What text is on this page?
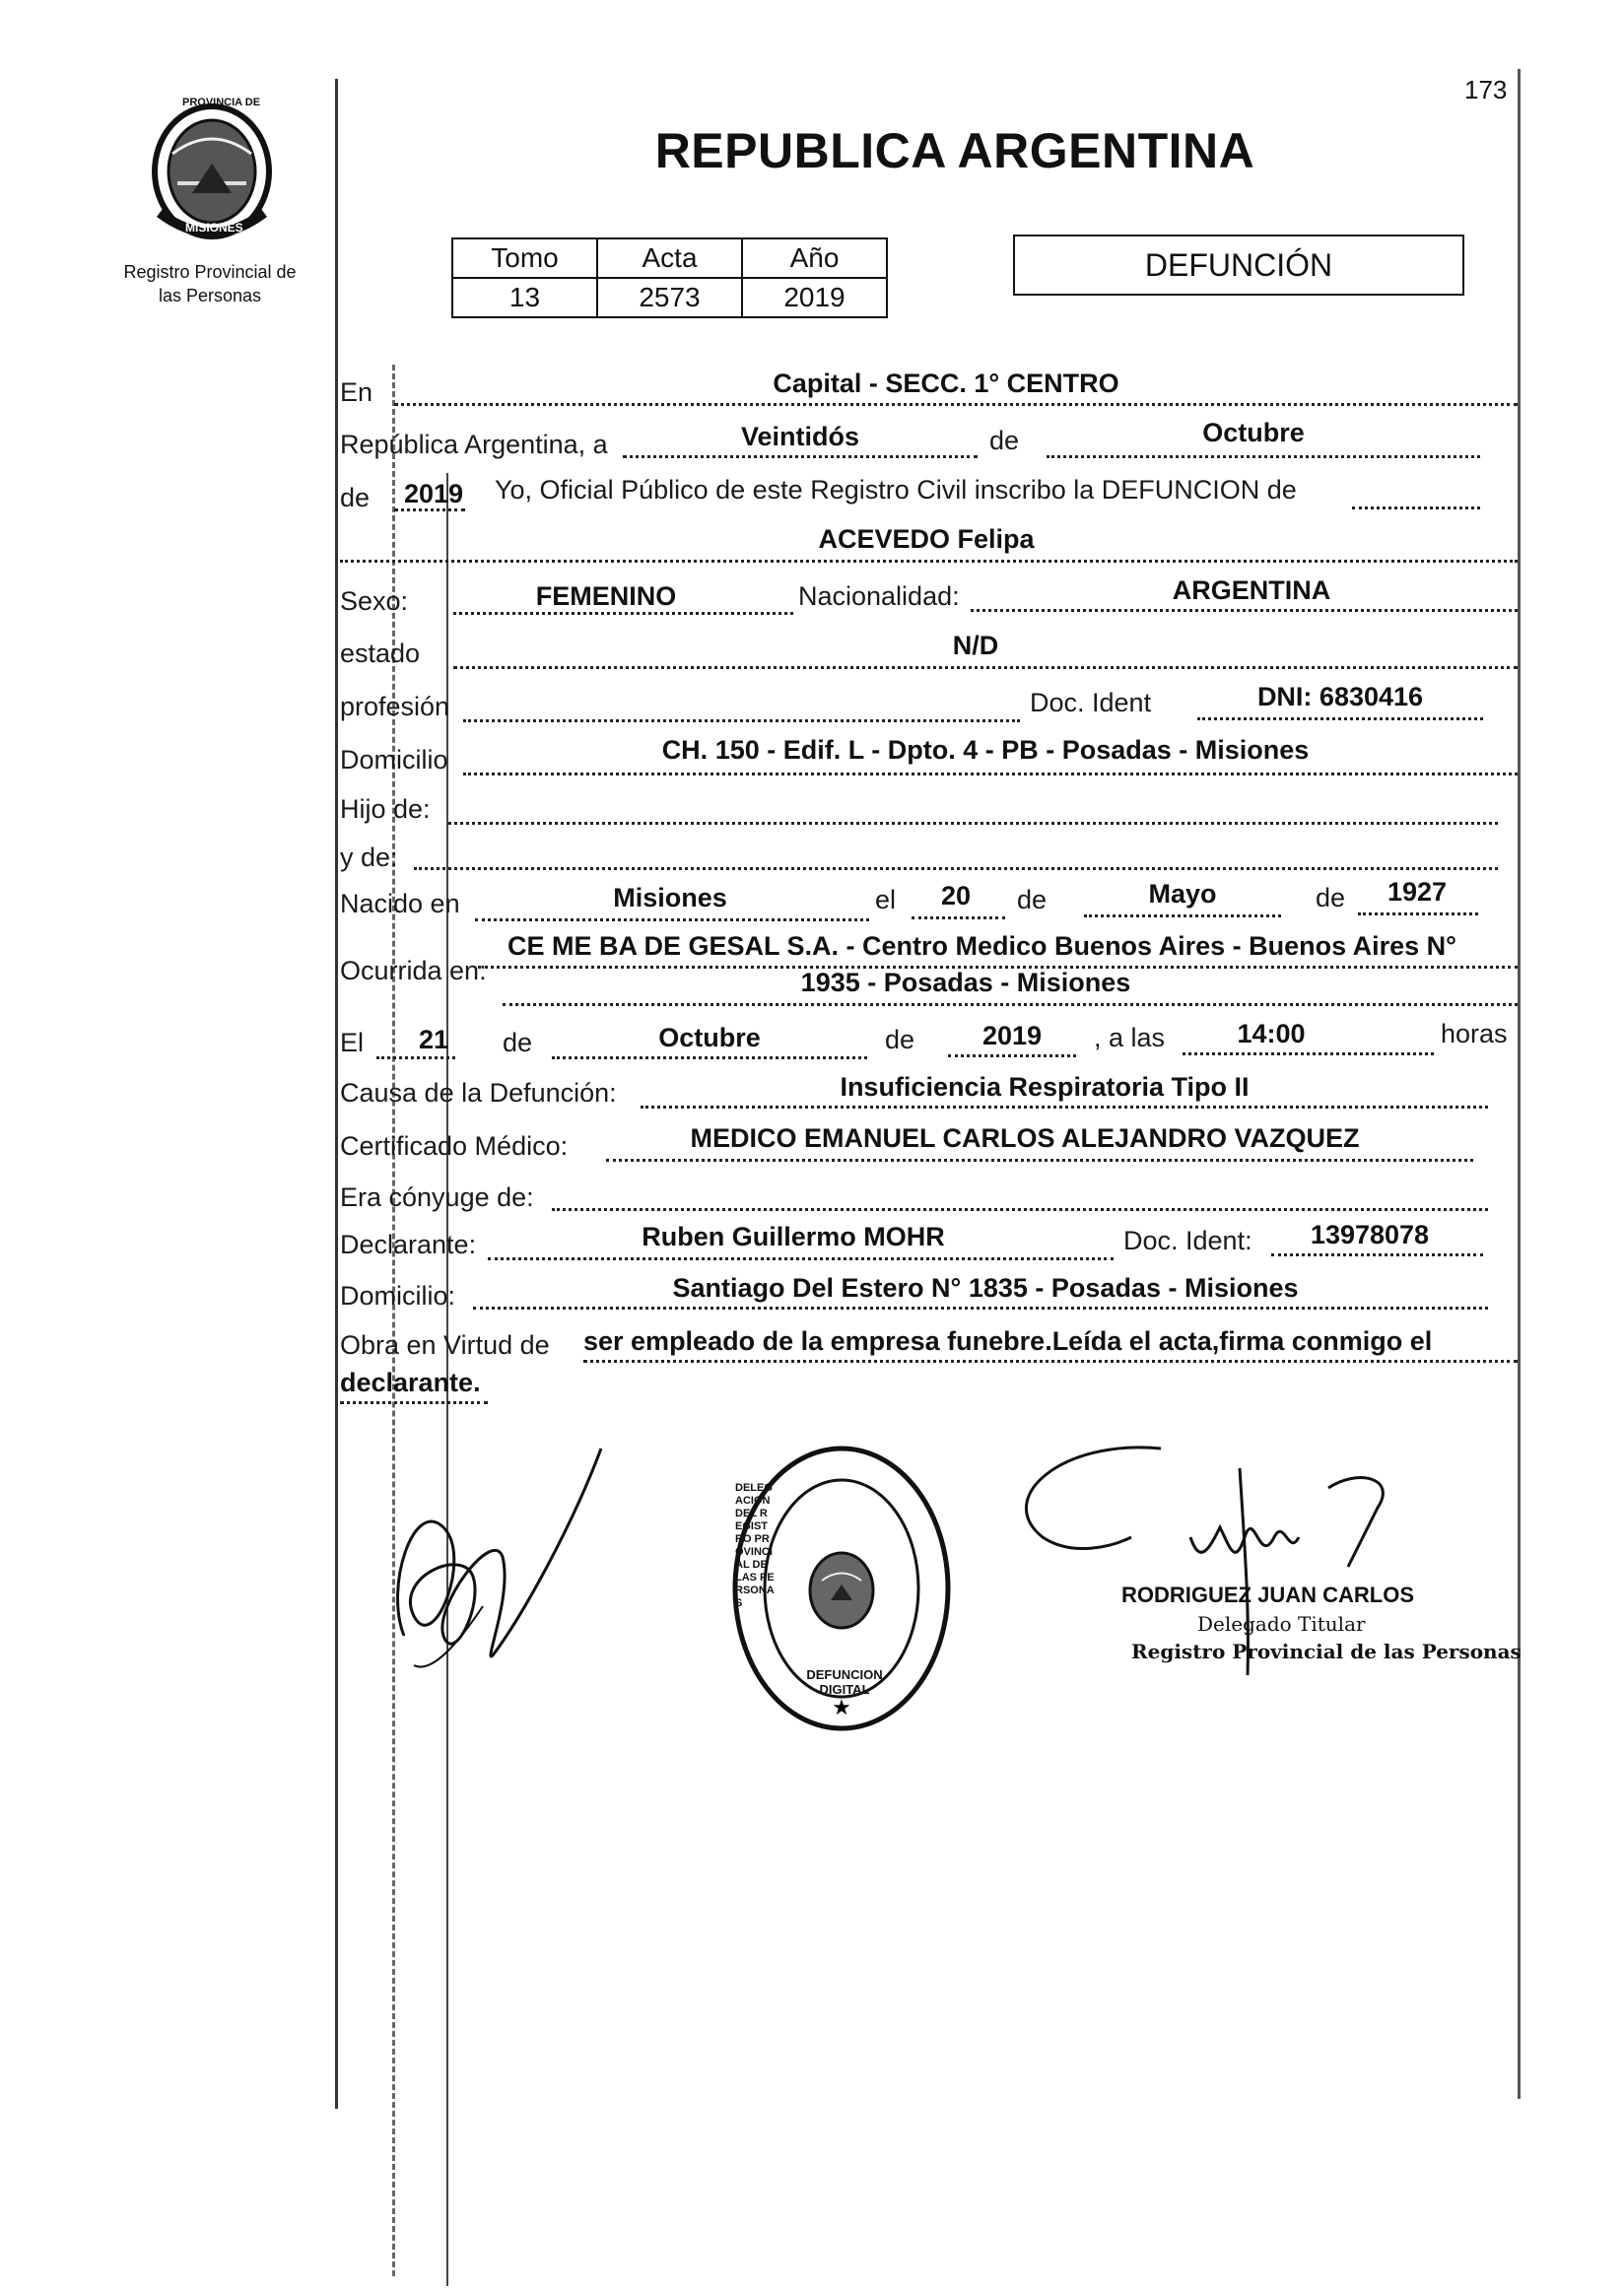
173
PROVINCIA DE
MISIONES
Registro Provincial de
las Personas
REPUBLICA ARGENTINA
Tomo	Acta	Año
13	2573	2019
DEFUNCIÓN
En	Capital - SECC. 1° CENTRO
República Argentina, a	Veintidós	de	Octubre
de	2019	Yo, Oficial Público de este Registro Civil inscribo la DEFUNCION de
ACEVEDO Felipa
Sexo:	FEMENINO	Nacionalidad:	ARGENTINA
estado	N/D
profesión	Doc. Ident	DNI: 6830416
Domicilio	CH. 150 - Edif. L - Dpto. 4 - PB - Posadas - Misiones
Hijo de:
y de:
Nacido en	Misiones	el	20	de	Mayo	de	1927
CE ME BA DE GESAL S.A. - Centro Medico Buenos Aires - Buenos Aires N°
Ocurrida en:	1935 - Posadas - Misiones
El	21	de	Octubre	de	2019	, a las	14:00	horas
Causa de la Defunción:	Insuficiencia Respiratoria Tipo II
Certificado Médico:	MEDICO EMANUEL CARLOS ALEJANDRO VAZQUEZ
Era cónyuge de:
Declarante:	Ruben Guillermo MOHR	Doc. Ident:	13978078
Domicilio:	Santiago Del Estero N° 1835 - Posadas - Misiones
Obra en Virtud de ser empleado de la empresa funebre.Leída el acta,firma conmigo el
declarante.
★
DELEGACION DEL REGISTRO PROVINCIAL DE LAS PERSONAS
DEFUNCION DIGITAL
RODRIGUEZ JUAN CARLOS
Delegado Titular
Registro Provincial de las Personas
